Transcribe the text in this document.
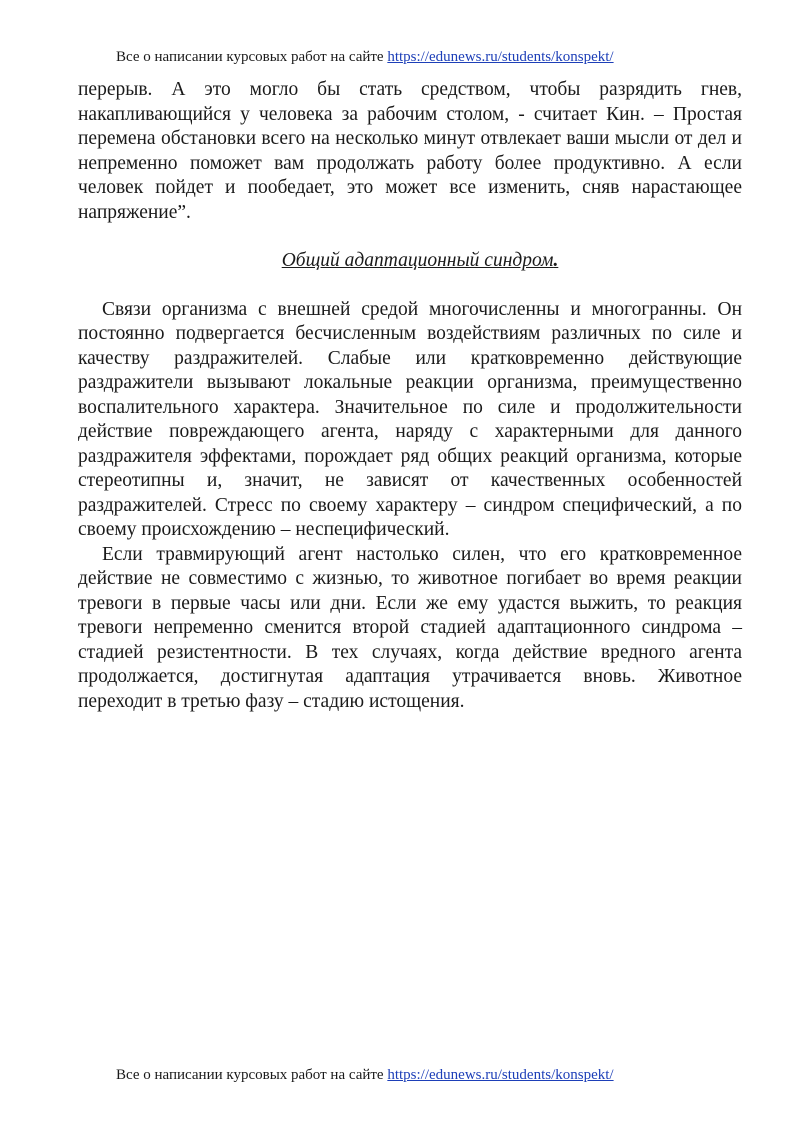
Все о написании курсовых работ на сайте https://edunews.ru/students/konspekt/

перерыв. А это могло бы стать средством, чтобы разрядить гнев, накапливающийся у человека за рабочим столом, - считает Кин. – Простая перемена обстановки всего на несколько минут отвлекает ваши мысли от дел и непременно поможет вам продолжать работу более продуктивно. А если человек пойдет и пообедает, это может все изменить, сняв нарастающее напряжение”.

Общий адаптационный синдром.

Связи организма с внешней средой многочисленны и многогранны. Он постоянно подвергается бесчисленным воздействиям различных по силе и качеству раздражителей. Слабые или кратковременно действующие раздражители вызывают локальные реакции организма, преимущественно воспалительного характера. Значительное по силе и продолжительности действие повреждающего агента, наряду с характерными для данного раздражителя эффектами, порождает ряд общих реакций организма, которые стереотипны и, значит, не зависят от качественных особенностей раздражителей. Стресс по своему характеру – синдром специфический, а по своему происхождению – неспецифический.

Если травмирующий агент настолько силен, что его кратковременное действие не совместимо с жизнью, то животное погибает во время реакции тревоги в первые часы или дни. Если же ему удастся выжить, то реакция тревоги непременно сменится второй стадией адаптационного синдрома – стадией резистентности. В тех случаях, когда действие вредного агента продолжается, достигнутая адаптация утрачивается вновь. Животное переходит в третью фазу – стадию истощения.

Все о написании курсовых работ на сайте https://edunews.ru/students/konspekt/
